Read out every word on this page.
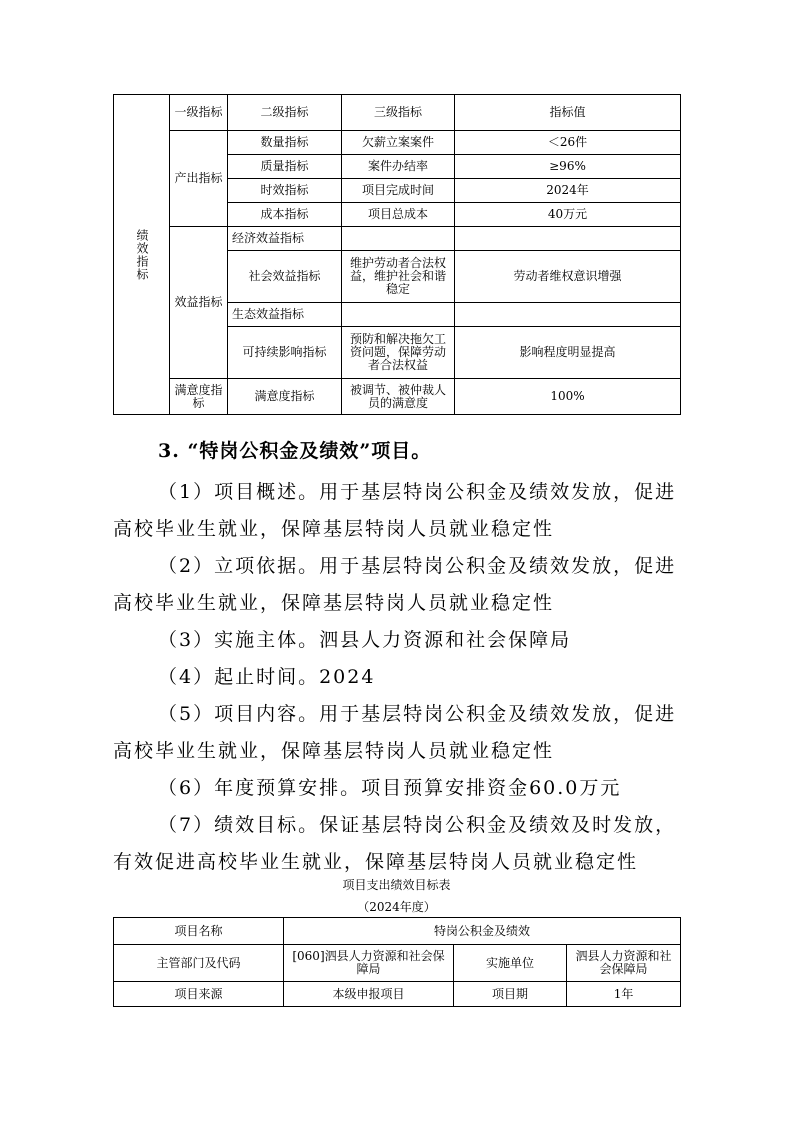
绩效指标	一级指标	二级指标	三级指标	指标值
	产出指标	数量指标	欠薪立案案件	＜26件
		质量指标	案件办结率	≥96%
		时效指标	项目完成时间	2024年
		成本指标	项目总成本	40万元
	效益指标	经济效益指标		
		社会效益指标	维护劳动者合法权益，维护社会和谐稳定	劳动者维权意识增强
		生态效益指标		
		可持续影响指标	预防和解决拖欠工资问题，保障劳动者合法权益	影响程度明显提高
	满意度指标	满意度指标	被调节、被仲裁人员的满意度	100%
3. “特岗公积金及绩效”项目。
（1）项目概述。用于基层特岗公积金及绩效发放，促进高校毕业生就业，保障基层特岗人员就业稳定性
（2）立项依据。用于基层特岗公积金及绩效发放，促进高校毕业生就业，保障基层特岗人员就业稳定性
（3）实施主体。泗县人力资源和社会保障局
（4）起止时间。2024
（5）项目内容。用于基层特岗公积金及绩效发放，促进高校毕业生就业，保障基层特岗人员就业稳定性
（6）年度预算安排。项目预算安排资金60.0万元
（7）绩效目标。保证基层特岗公积金及绩效及时发放，有效促进高校毕业生就业，保障基层特岗人员就业稳定性
项目支出绩效目标表
（2024年度）
项目名称	特岗公积金及绩效		
主管部门及代码	[060]泗县人力资源和社会保障局	实施单位	泗县人力资源和社会保障局
项目来源	本级申报项目	项目期	1年
